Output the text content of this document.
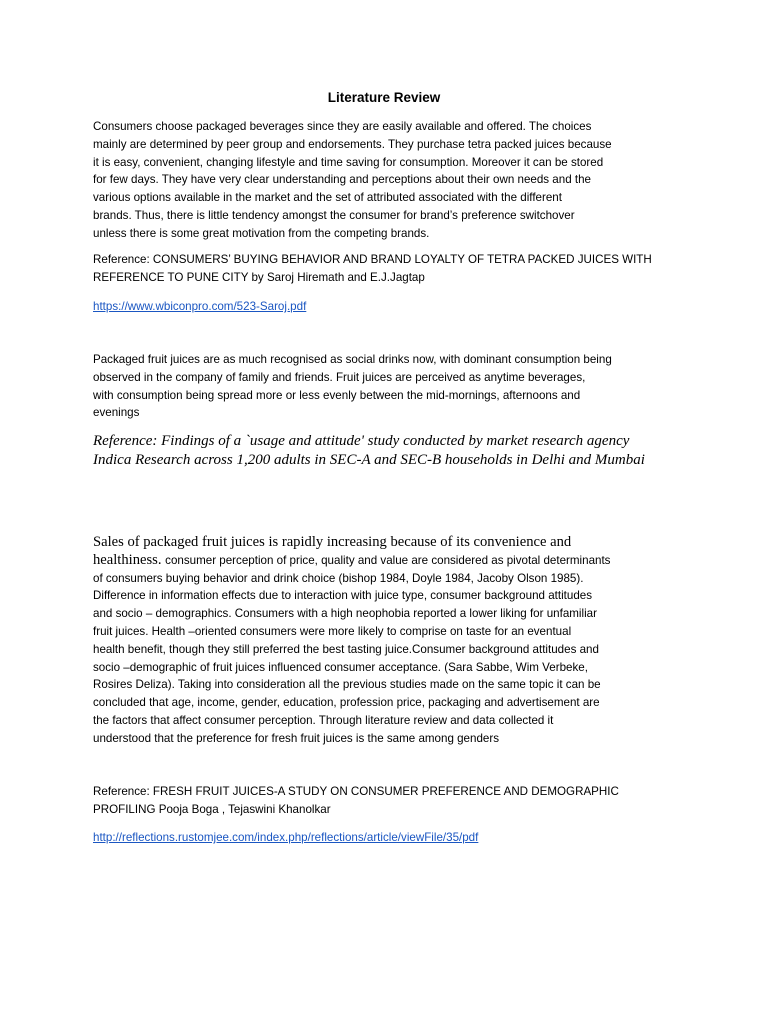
Literature Review

Consumers choose packaged beverages since they are easily available and offered. The choices
mainly are determined by peer group and endorsements. They purchase tetra packed juices because
it is easy, convenient, changing lifestyle and time saving for consumption. Moreover it can be stored
for few days. They have very clear understanding and perceptions about their own needs and the
various options available in the market and the set of attributed associated with the different
brands. Thus, there is little tendency amongst the consumer for brand’s preference switchover
unless there is some great motivation from the competing brands.

Reference: CONSUMERS’ BUYING BEHAVIOR AND BRAND LOYALTY OF TETRA PACKED JUICES WITH
REFERENCE TO PUNE CITY by Saroj Hiremath and E.J.Jagtap

https://www.wbiconpro.com/523-Saroj.pdf

Packaged fruit juices are as much recognised as social drinks now, with dominant consumption being
observed in the company of family and friends. Fruit juices are perceived as anytime beverages,
with consumption being spread more or less evenly between the mid-mornings, afternoons and
evenings

Reference: Findings of a `usage and attitude' study conducted by market research agency
Indica Research across 1,200 adults in SEC-A and SEC-B households in Delhi and Mumbai

Sales of packaged fruit juices is rapidly increasing because of its convenience and
healthiness. consumer perception of price, quality and value are considered as pivotal determinants
of consumers buying behavior and drink choice (bishop 1984, Doyle 1984, Jacoby Olson 1985).
Difference in information effects due to interaction with juice type, consumer background attitudes
and socio – demographics. Consumers with a high neophobia reported a lower liking for unfamiliar
fruit juices. Health –oriented consumers were more likely to comprise on taste for an eventual
health benefit, though they still preferred the best tasting juice.Consumer background attitudes and
socio –demographic of fruit juices influenced consumer acceptance. (Sara Sabbe, Wim Verbeke,
Rosires Deliza). Taking into consideration all the previous studies made on the same topic it can be
concluded that age, income, gender, education, profession price, packaging and advertisement are
the factors that affect consumer perception. Through literature review and data collected it
understood that the preference for fresh fruit juices is the same among genders

Reference: FRESH FRUIT JUICES-A STUDY ON CONSUMER PREFERENCE AND DEMOGRAPHIC
PROFILING Pooja Boga , Tejaswini Khanolkar

http://reflections.rustomjee.com/index.php/reflections/article/viewFile/35/pdf
